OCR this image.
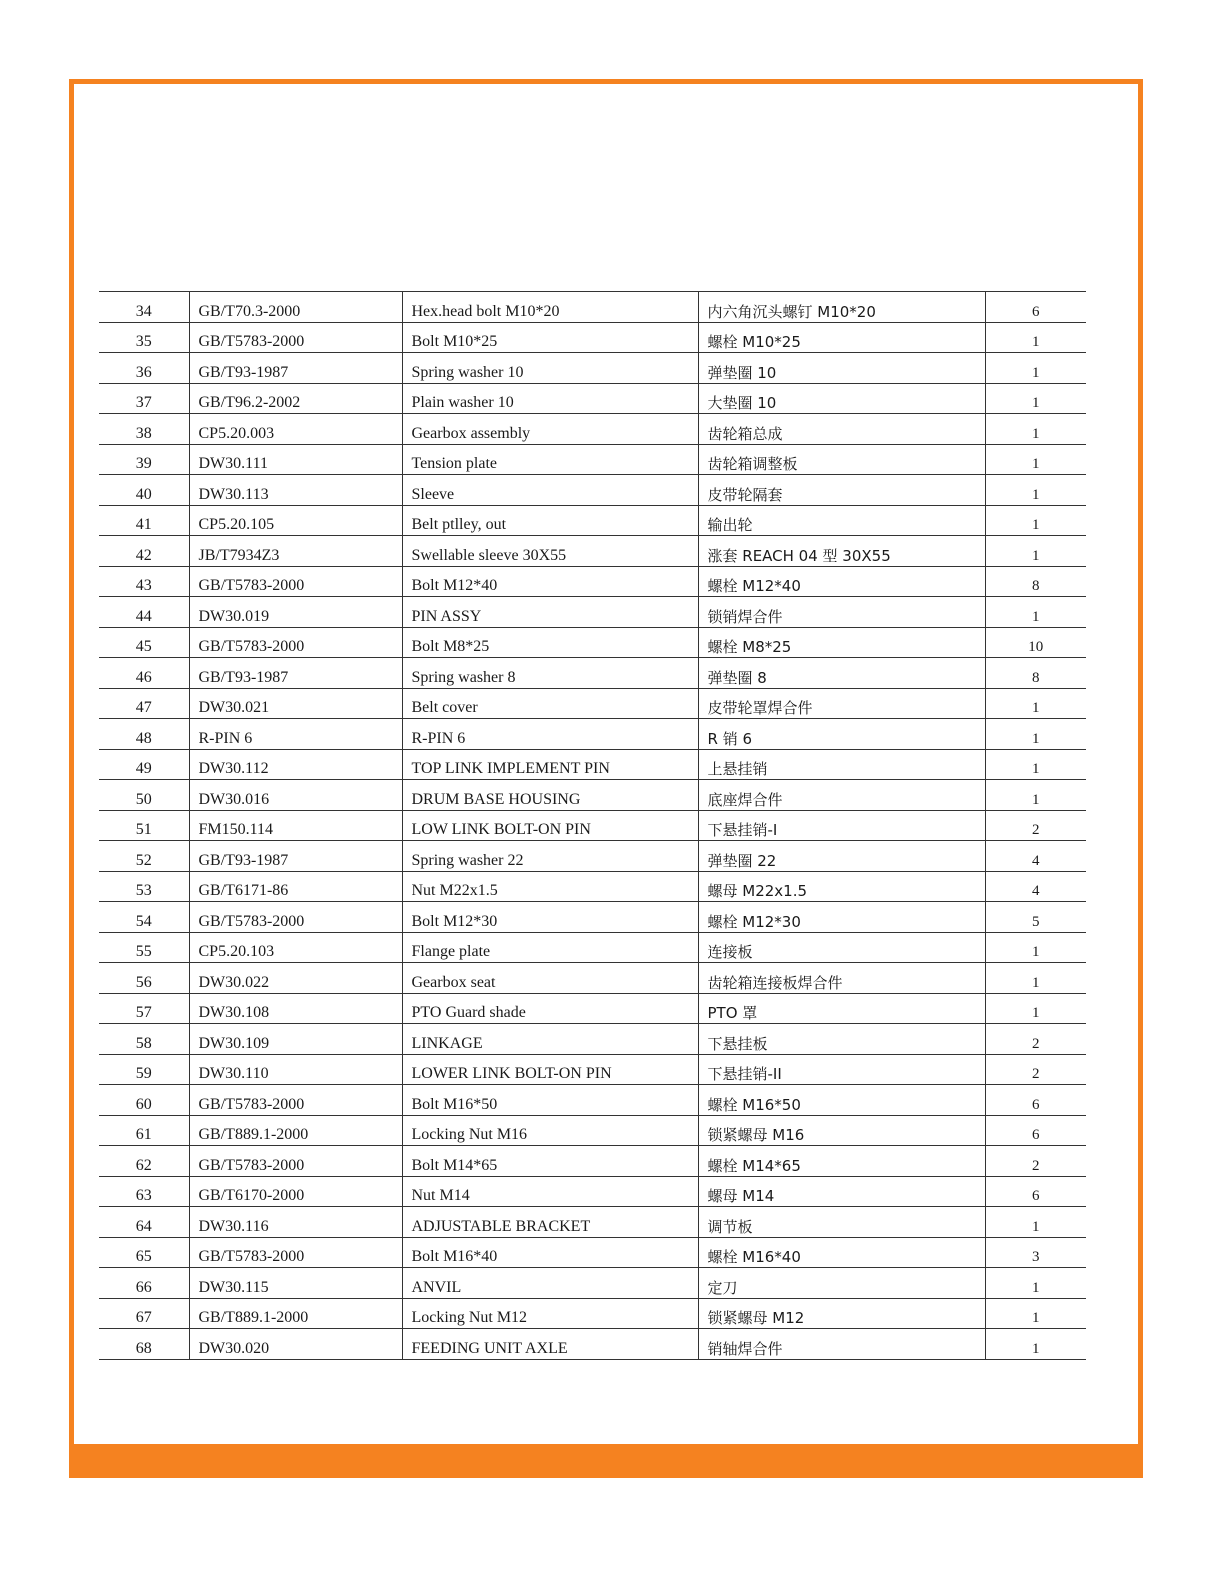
34	GB/T70.3-2000	Hex.head bolt M10*20	内六角沉头螺钉 M10*20	6
35	GB/T5783-2000	Bolt M10*25	螺栓 M10*25	1
36	GB/T93-1987	Spring washer 10	弹垫圈 10	1
37	GB/T96.2-2002	Plain washer 10	大垫圈 10	1
38	CP5.20.003	Gearbox assembly	齿轮箱总成	1
39	DW30.111	Tension plate	齿轮箱调整板	1
40	DW30.113	Sleeve	皮带轮隔套	1
41	CP5.20.105	Belt ptlley, out	输出轮	1
42	JB/T7934Z3	Swellable sleeve 30X55	涨套 REACH 04 型 30X55	1
43	GB/T5783-2000	Bolt M12*40	螺栓 M12*40	8
44	DW30.019	PIN ASSY	锁销焊合件	1
45	GB/T5783-2000	Bolt M8*25	螺栓 M8*25	10
46	GB/T93-1987	Spring washer 8	弹垫圈 8	8
47	DW30.021	Belt cover	皮带轮罩焊合件	1
48	R-PIN 6	R-PIN 6	R 销 6	1
49	DW30.112	TOP LINK IMPLEMENT PIN	上悬挂销	1
50	DW30.016	DRUM BASE HOUSING	底座焊合件	1
51	FM150.114	LOW LINK BOLT-ON PIN	下悬挂销-I	2
52	GB/T93-1987	Spring washer 22	弹垫圈 22	4
53	GB/T6171-86	Nut M22x1.5	螺母 M22x1.5	4
54	GB/T5783-2000	Bolt M12*30	螺栓 M12*30	5
55	CP5.20.103	Flange plate	连接板	1
56	DW30.022	Gearbox seat	齿轮箱连接板焊合件	1
57	DW30.108	PTO Guard shade	PTO 罩	1
58	DW30.109	LINKAGE	下悬挂板	2
59	DW30.110	LOWER LINK BOLT-ON PIN	下悬挂销-II	2
60	GB/T5783-2000	Bolt M16*50	螺栓 M16*50	6
61	GB/T889.1-2000	Locking Nut M16	锁紧螺母 M16	6
62	GB/T5783-2000	Bolt M14*65	螺栓 M14*65	2
63	GB/T6170-2000	Nut M14	螺母 M14	6
64	DW30.116	ADJUSTABLE BRACKET	调节板	1
65	GB/T5783-2000	Bolt M16*40	螺栓 M16*40	3
66	DW30.115	ANVIL	定刀	1
67	GB/T889.1-2000	Locking Nut M12	锁紧螺母 M12	1
68	DW30.020	FEEDING UNIT AXLE	销轴焊合件	1
